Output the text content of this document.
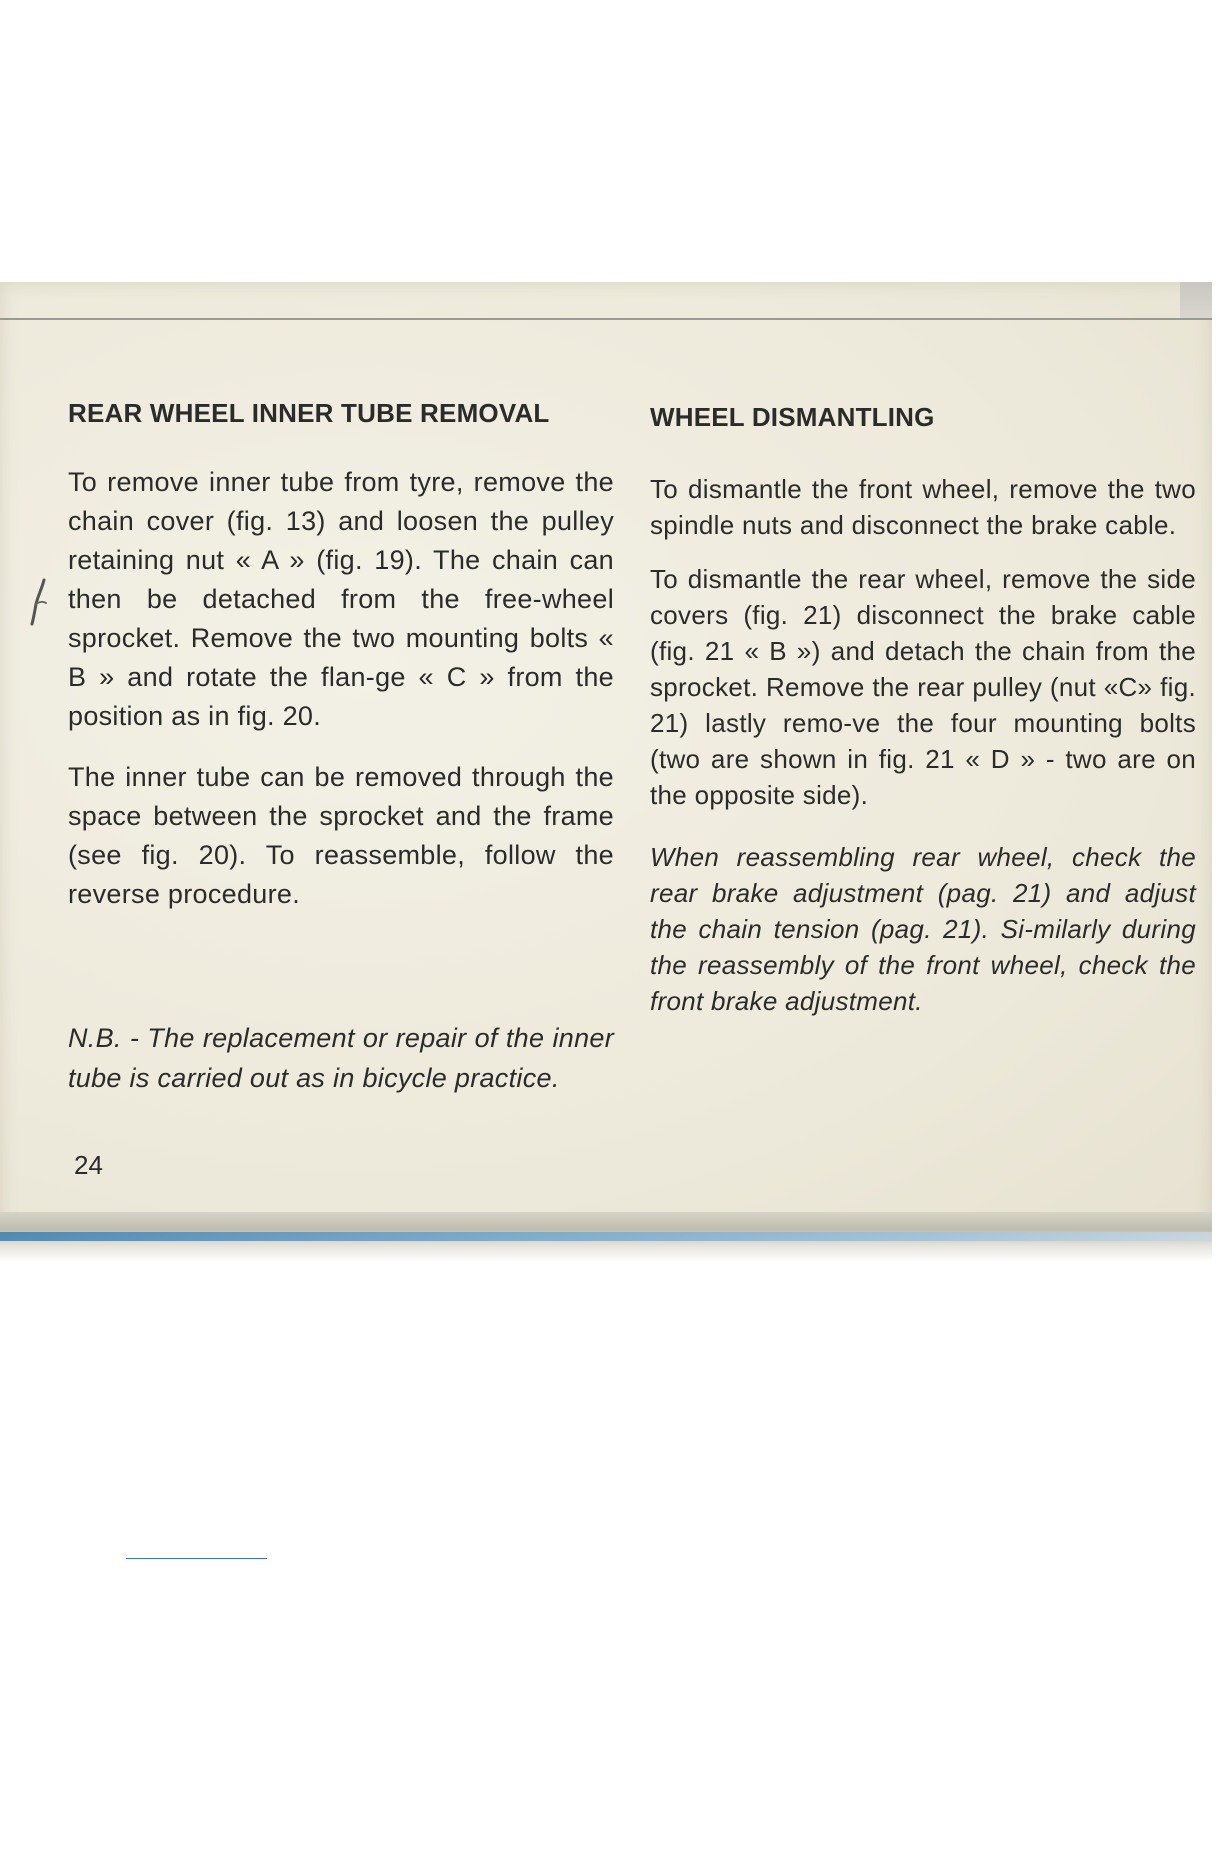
REAR WHEEL INNER TUBE REMOVAL

To remove inner tube from tyre, remove the chain cover (fig. 13) and loosen the pulley retaining nut « A » (fig. 19). The chain can then be detached from the free-wheel sprocket. Remove the two mounting bolts « B » and rotate the flan-ge « C » from the position as in fig. 20.

The inner tube can be removed through the space between the sprocket and the frame (see fig. 20). To reassemble, follow the reverse procedure.

N.B. - The replacement or repair of the inner tube is carried out as in bicycle practice.
24
WHEEL DISMANTLING

To dismantle the front wheel, remove the two spindle nuts and disconnect the brake cable.

To dismantle the rear wheel, remove the side covers (fig. 21) disconnect the brake cable (fig. 21 « B ») and detach the chain from the sprocket. Remove the rear pulley (nut «C» fig. 21) lastly remo-ve the four mounting bolts (two are shown in fig. 21 « D » - two are on the opposite side).

When reassembling rear wheel, check the rear brake adjustment (pag. 21) and adjust the chain tension (pag. 21). Si-milarly during the reassembly of the front wheel, check the front brake adjustment.
